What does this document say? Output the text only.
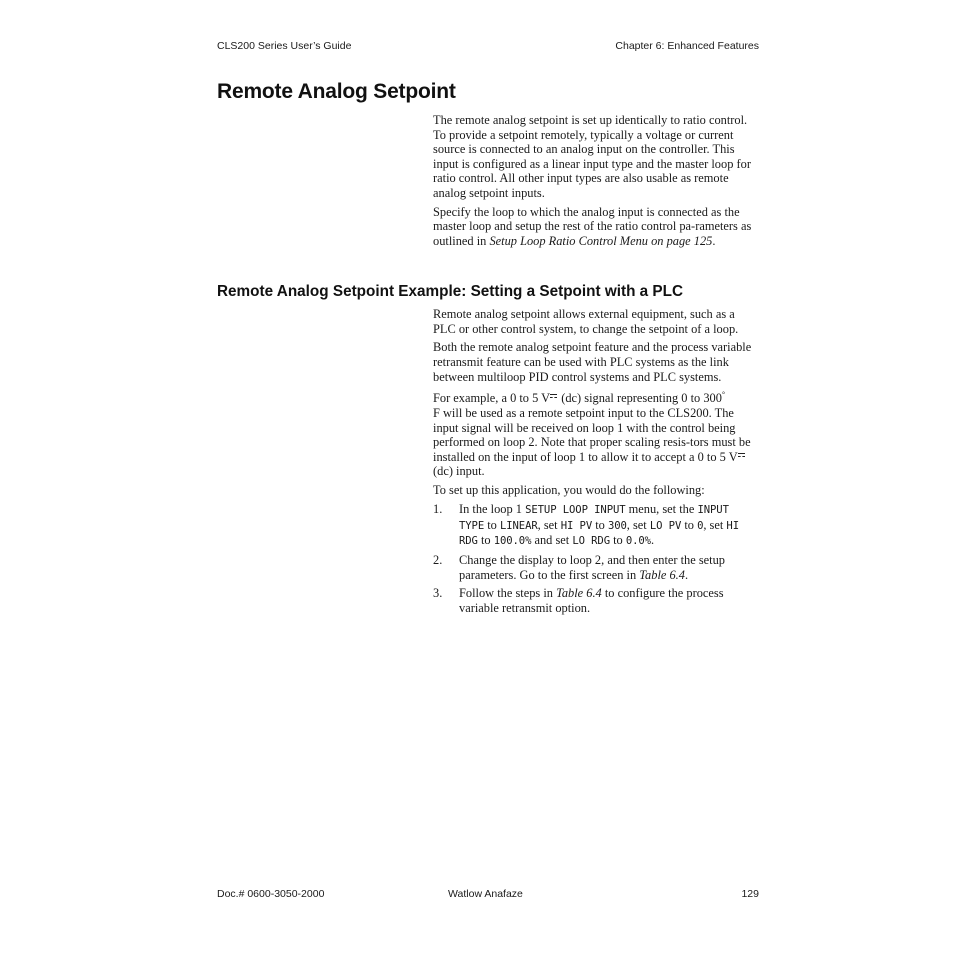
CLS200 Series User’s Guide	Chapter 6: Enhanced Features
Remote Analog Setpoint

The remote analog setpoint is set up identically to ratio control. To provide a setpoint remotely, typically a voltage or current source is connected to an analog input on the controller. This input is configured as a linear input type and the master loop for ratio control. All other input types are also usable as remote analog setpoint inputs.

Specify the loop to which the analog input is connected as the master loop and setup the rest of the ratio control pa-rameters as outlined in Setup Loop Ratio Control Menu on page 125.

Remote Analog Setpoint Example: Setting a Setpoint with a PLC

Remote analog setpoint allows external equipment, such as a PLC or other control system, to change the setpoint of a loop.

Both the remote analog setpoint feature and the process variable retransmit feature can be used with PLC systems as the link between multiloop PID control systems and PLC systems.

For example, a 0 to 5 V (dc) signal representing 0 to 300°
F will be used as a remote setpoint input to the CLS200. The input signal will be received on loop 1 with the control being performed on loop 2. Note that proper scaling resis-tors must be installed on the input of loop 1 to allow it to accept a 0 to 5 V (dc) input.

To set up this application, you would do the following:

1. In the loop 1 SETUP LOOP INPUT menu, set the INPUT TYPE to LINEAR, set HI PV to 300, set LO PV to 0, set HI RDG to 100.0% and set LO RDG to 0.0%.
2. Change the display to loop 2, and then enter the setup parameters. Go to the first screen in Table 6.4.
3. Follow the steps in Table 6.4 to configure the process variable retransmit option.
Doc.# 0600-3050-2000	Watlow Anafaze	129
